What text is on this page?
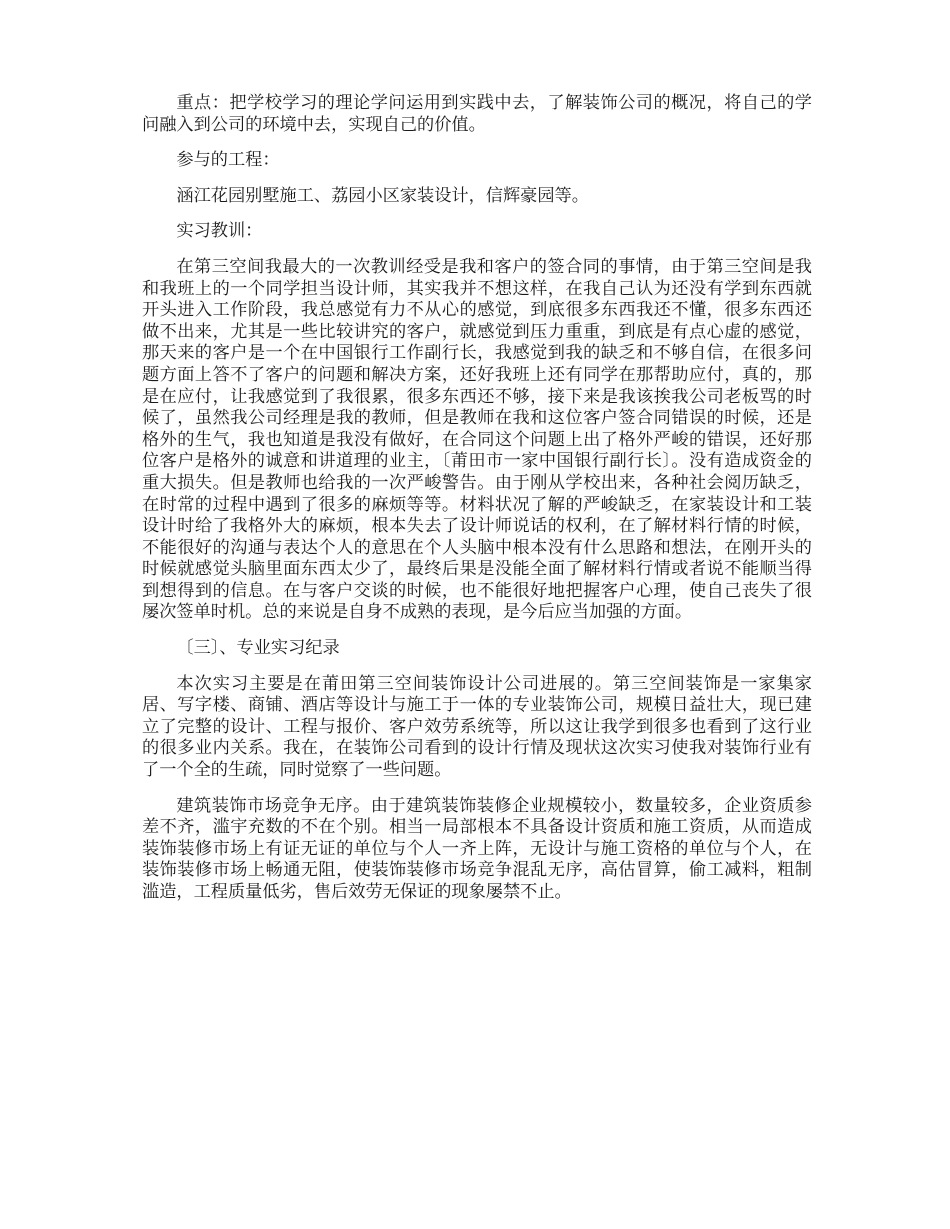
重点：把学校学习的理论学问运用到实践中去，了解装饰公司的概况，将自己的学问融入到公司的环境中去，实现自己的价值。

参与的工程：

涵江花园别墅施工、荔园小区家装设计，信辉豪园等。

实习教训：

在第三空间我最大的一次教训经受是我和客户的签合同的事情，由于第三空间是我和我班上的一个同学担当设计师，其实我并不想这样，在我自己认为还没有学到东西就开头进入工作阶段，我总感觉有力不从心的感觉，到底很多东西我还不懂，很多东西还做不出来，尤其是一些比较讲究的客户，就感觉到压力重重，到底是有点心虚的感觉，那天来的客户是一个在中国银行工作副行长，我感觉到我的缺乏和不够自信，在很多问题方面上答不了客户的问题和解决方案，还好我班上还有同学在那帮助应付，真的，那是在应付，让我感觉到了我很累，很多东西还不够，接下来是我该挨我公司老板骂的时候了，虽然我公司经理是我的教师，但是教师在我和这位客户签合同错误的时候，还是格外的生气，我也知道是我没有做好，在合同这个问题上出了格外严峻的错误，还好那位客户是格外的诚意和讲道理的业主，〔莆田市一家中国银行副行长〕。没有造成资金的重大损失。但是教师也给我的一次严峻警告。由于刚从学校出来，各种社会阅历缺乏，在时常的过程中遇到了很多的麻烦等等。材料状况了解的严峻缺乏，在家装设计和工装设计时给了我格外大的麻烦，根本失去了设计师说话的权利，在了解材料行情的时候，不能很好的沟通与表达个人的意思在个人头脑中根本没有什么思路和想法，在刚开头的时候就感觉头脑里面东西太少了，最终后果是没能全面了解材料行情或者说不能顺当得到想得到的信息。在与客户交谈的时候，也不能很好地把握客户心理，使自己丧失了很屡次签单时机。总的来说是自身不成熟的表现，是今后应当加强的方面。

〔三〕、专业实习纪录

本次实习主要是在莆田第三空间装饰设计公司进展的。第三空间装饰是一家集家居、写字楼、商铺、酒店等设计与施工于一体的专业装饰公司，规模日益壮大，现已建立了完整的设计、工程与报价、客户效劳系统等，所以这让我学到很多也看到了这行业的很多业内关系。我在，在装饰公司看到的设计行情及现状这次实习使我对装饰行业有了一个全的生疏，同时觉察了一些问题。

建筑装饰市场竞争无序。由于建筑装饰装修企业规模较小，数量较多，企业资质参差不齐，滥宇充数的不在个别。相当一局部根本不具备设计资质和施工资质，从而造成装饰装修市场上有证无证的单位与个人一齐上阵，无设计与施工资格的单位与个人，在装饰装修市场上畅通无阻，使装饰装修市场竞争混乱无序，高估冒算，偷工减料，粗制滥造，工程质量低劣，售后效劳无保证的现象屡禁不止。
